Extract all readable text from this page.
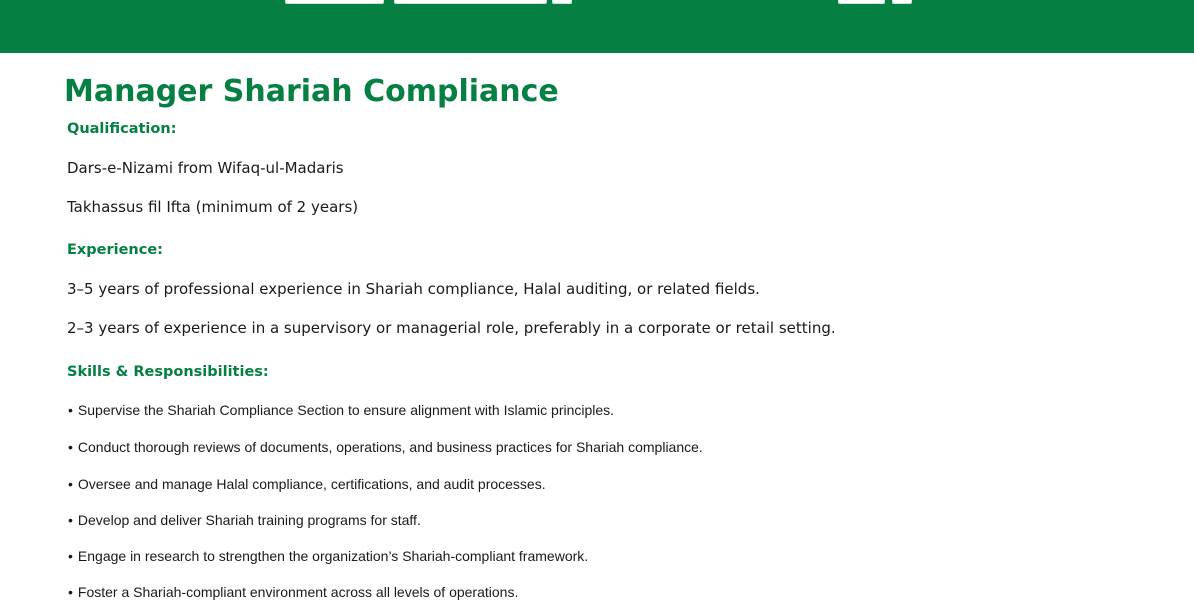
Manager Shariah Compliance
Qualification:
Dars-e-Nizami from Wifaq-ul-Madaris
Takhassus fil Ifta (minimum of 2 years)
Experience:
3–5 years of professional experience in Shariah compliance, Halal auditing, or related fields.
2–3 years of experience in a supervisory or managerial role, preferably in a corporate or retail setting.
Skills & Responsibilities:
• Supervise the Shariah Compliance Section to ensure alignment with Islamic principles.
• Conduct thorough reviews of documents, operations, and business practices for Shariah compliance.
• Oversee and manage Halal compliance, certifications, and audit processes.
• Develop and deliver Shariah training programs for staff.
• Engage in research to strengthen the organization’s Shariah-compliant framework.
• Foster a Shariah-compliant environment across all levels of operations.
